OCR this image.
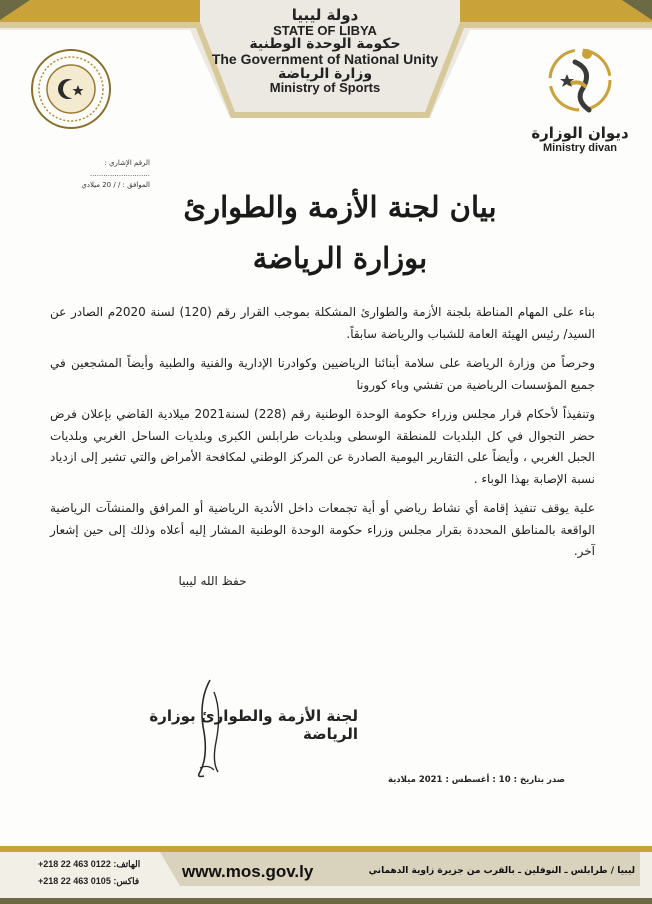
دولة ليبيا
STATE OF LIBYA
حكومة الوحدة الوطنية
The Government of National Unity
وزارة الرياضة
Ministry of Sports
ديوان الوزارة
Ministry divan
الرقم الإشاري : ...........................
الموافق : / / 20 ميلادي
بيان لجنة الأزمة والطوارئ
بوزارة الرياضة

بناء على المهام المناطة بلجنة الأزمة والطوارئ المشكلة بموجب القرار رقم (120) لسنة 2020م الصادر عن السيد/ رئيس الهيئة العامة للشباب والرياضة سابقاً.

وحرصاً من وزارة الرياضة على سلامة أبنائنا الرياضيين وكوادرنا الإدارية والفنية والطبية وأيضاً المشجعين في جميع المؤسسات الرياضية من تفشي وباء كورونا

وتنفيذاً لأحكام قرار مجلس وزراء حكومة الوحدة الوطنية رقم (228) لسنة2021 ميلادية القاضي بإعلان فرض حضر التجوال في كل البلديات للمنطقة الوسطى وبلديات طرابلس الكبرى وبلديات الساحل الغربي وبلديات الجبل الغربي ، وأيضاً على التقارير اليومية الصادرة عن المركز الوطني لمكافحة الأمراض والتي تشير إلى ازدياد نسبة الإصابة بهذا الوباء .

علية يوقف تنفيذ إقامة أي نشاط رياضي أو أية تجمعات داخل الأندية الرياضية أو المرافق والمنشآت الرياضية الواقعة بالمناطق المحددة بقرار مجلس وزراء حكومة الوحدة الوطنية المشار إليه أعلاه وذلك إلى حين إشعار آخر.

حفظ الله ليبيا

لجنة الأزمة والطوارئ بوزارة الرياضة
صدر بتاريخ : 10 : أغسطس : 2021 ميلادية
+218 22 463 0122 :الهاتف
+218 22 463 0105 :فاكس	www.mos.gov.ly	ليبيا / طرابلس ـ النوفلين ـ بالقرب من جزيرة زاوية الدهماني
